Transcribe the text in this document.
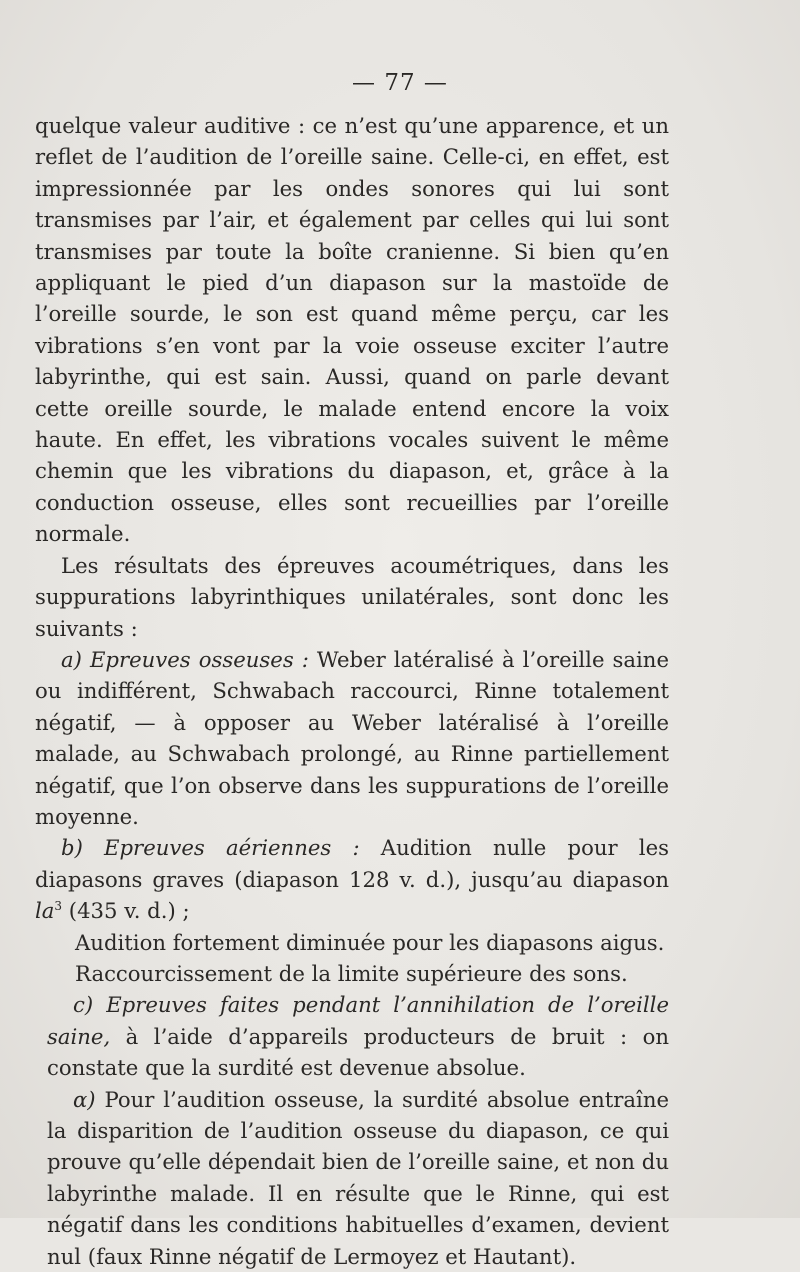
— 77 —

quelque valeur auditive : ce n’est qu’une apparence, et un reflet de l’audition de l’oreille saine. Celle-ci, en effet, est impressionnée par les ondes sonores qui lui sont transmises par l’air, et également par celles qui lui sont transmises par toute la boîte cranienne. Si bien qu’en appliquant le pied d’un diapason sur la mastoïde de l’oreille sourde, le son est quand même perçu, car les vibrations s’en vont par la voie osseuse exciter l’autre labyrinthe, qui est sain. Aussi, quand on parle devant cette oreille sourde, le malade entend encore la voix haute. En effet, les vibrations vocales suivent le même chemin que les vibrations du diapason, et, grâce à la conduction osseuse, elles sont recueillies par l’oreille normale.

Les résultats des épreuves acoumétriques, dans les suppurations labyrinthiques unilatérales, sont donc les suivants :

a) Epreuves osseuses : Weber latéralisé à l’oreille saine ou indifférent, Schwabach raccourci, Rinne totalement négatif, — à opposer au Weber latéralisé à l’oreille malade, au Schwabach prolongé, au Rinne partiellement négatif, que l’on observe dans les suppurations de l’oreille moyenne.

b) Epreuves aériennes : Audition nulle pour les diapasons graves (diapason 128 v. d.), jusqu’au diapason $la^3$ (435 v. d.) ;

Audition fortement diminuée pour les diapasons aigus.

Raccourcissement de la limite supérieure des sons.

c) Epreuves faites pendant l’annihilation de l’oreille saine, à l’aide d’appareils producteurs de bruit : on constate que la surdité est devenue absolue.

α) Pour l’audition osseuse, la surdité absolue entraîne la disparition de l’audition osseuse du diapason, ce qui prouve qu’elle dépendait bien de l’oreille saine, et non du labyrinthe malade. Il en résulte que le Rinne, qui est négatif dans les conditions habituelles d’examen, devient nul (faux Rinne négatif de Lermoyez et Hautant).
